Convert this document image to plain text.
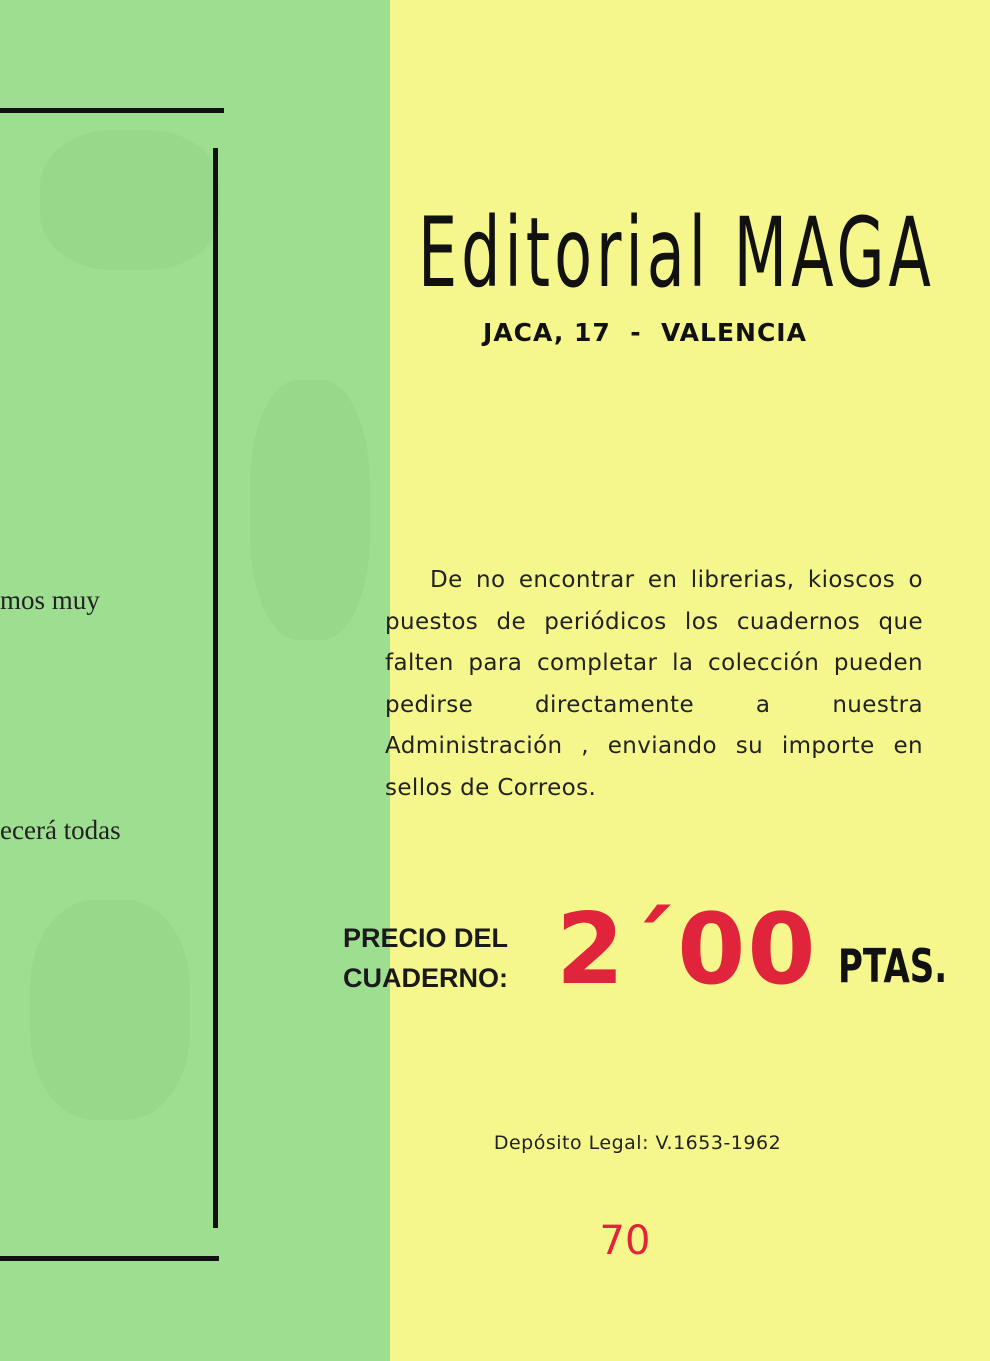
mos muy
ecerá todas
Editorial MAGA
JACA, 17  -  VALENCIA

De no encontrar en librerias, kioscos o puestos de periódicos los cuadernos que falten para completar la colección pueden pedirse directamente a nuestra Administración , enviando su importe en sellos de Correos.

PRECIO DEL
CUADERNO: 2´00 PTAS.
Depósito Legal: V.1653-1962
70
